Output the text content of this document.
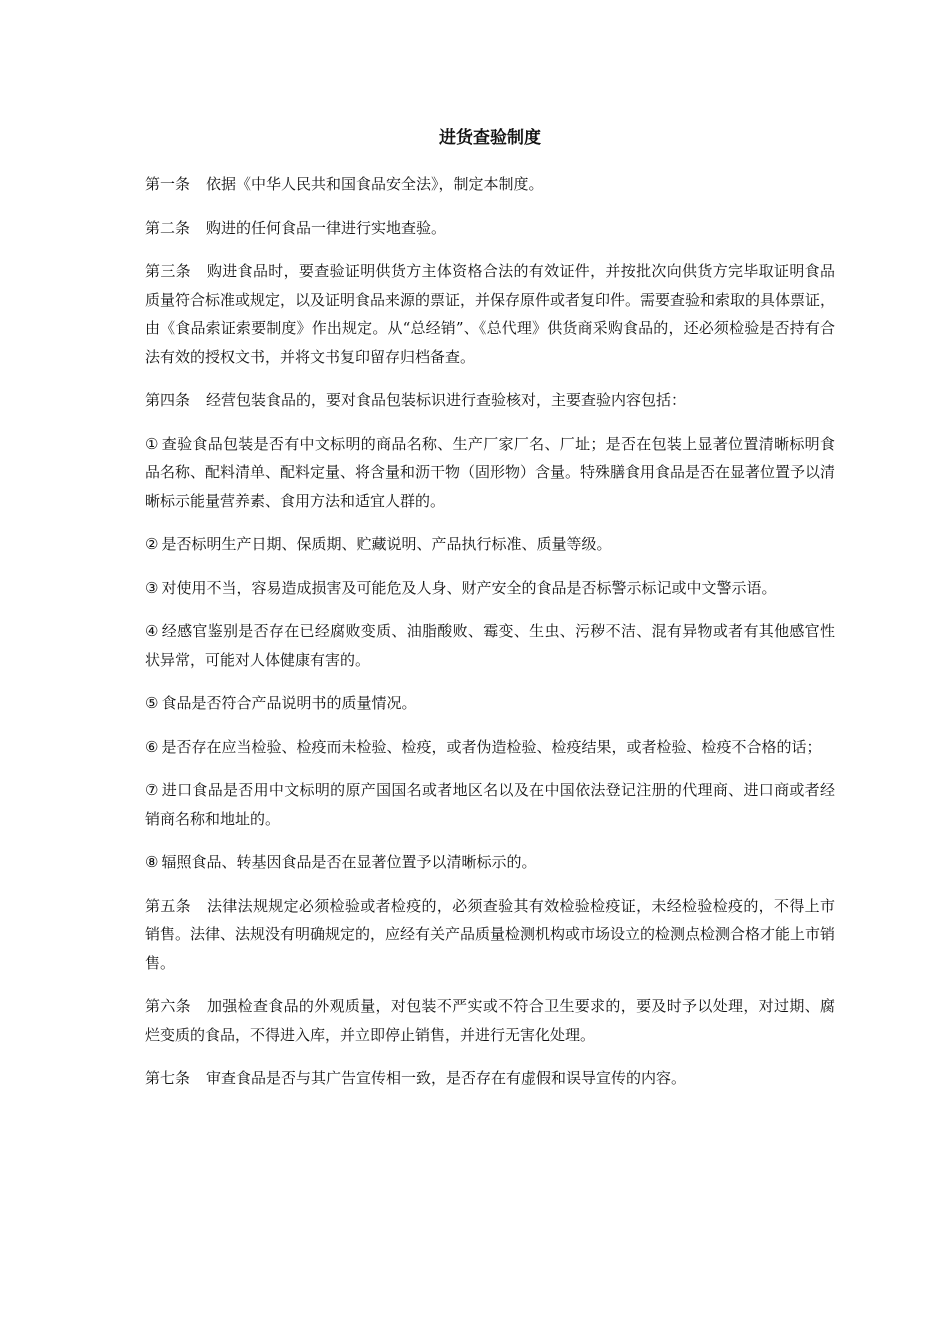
进货查验制度
第一条 依据《中华人民共和国食品安全法》，制定本制度。
第二条 购进的任何食品一律进行实地查验。
第三条 购进食品时，要查验证明供货方主体资格合法的有效证件，并按批次向供货方完毕取证明食品质量符合标准或规定，以及证明食品来源的票证，并保存原件或者复印件。需要查验和索取的具体票证，由《食品索证索要制度》作出规定。从“总经销”、《总代理》供货商采购食品的，还必须检验是否持有合法有效的授权文书，并将文书复印留存归档备查。
第四条 经营包装食品的，要对食品包装标识进行查验核对，主要查验内容包括：
① 查验食品包装是否有中文标明的商品名称、生产厂家厂名、厂址；是否在包装上显著位置清晰标明食品名称、配料清单、配料定量、将含量和沥干物（固形物）含量。特殊膳食用食品是否在显著位置予以清晰标示能量营养素、食用方法和适宜人群的。
② 是否标明生产日期、保质期、贮藏说明、产品执行标准、质量等级。
③ 对使用不当，容易造成损害及可能危及人身、财产安全的食品是否标警示标记或中文警示语。
④ 经感官鉴别是否存在已经腐败变质、油脂酸败、霉变、生虫、污秽不洁、混有异物或者有其他感官性状异常，可能对人体健康有害的。
⑤ 食品是否符合产品说明书的质量情况。
⑥ 是否存在应当检验、检疫而未检验、检疫，或者伪造检验、检疫结果，或者检验、检疫不合格的话；
⑦ 进口食品是否用中文标明的原产国国名或者地区名以及在中国依法登记注册的代理商、进口商或者经销商名称和地址的。
⑧ 辐照食品、转基因食品是否在显著位置予以清晰标示的。
第五条 法律法规规定必须检验或者检疫的，必须查验其有效检验检疫证，未经检验检疫的，不得上市销售。法律、法规没有明确规定的，应经有关产品质量检测机构或市场设立的检测点检测合格才能上市销售。
第六条 加强检查食品的外观质量，对包装不严实或不符合卫生要求的，要及时予以处理，对过期、腐烂变质的食品，不得进入库，并立即停止销售，并进行无害化处理。
第七条 审查食品是否与其广告宣传相一致，是否存在有虚假和误导宣传的内容。
